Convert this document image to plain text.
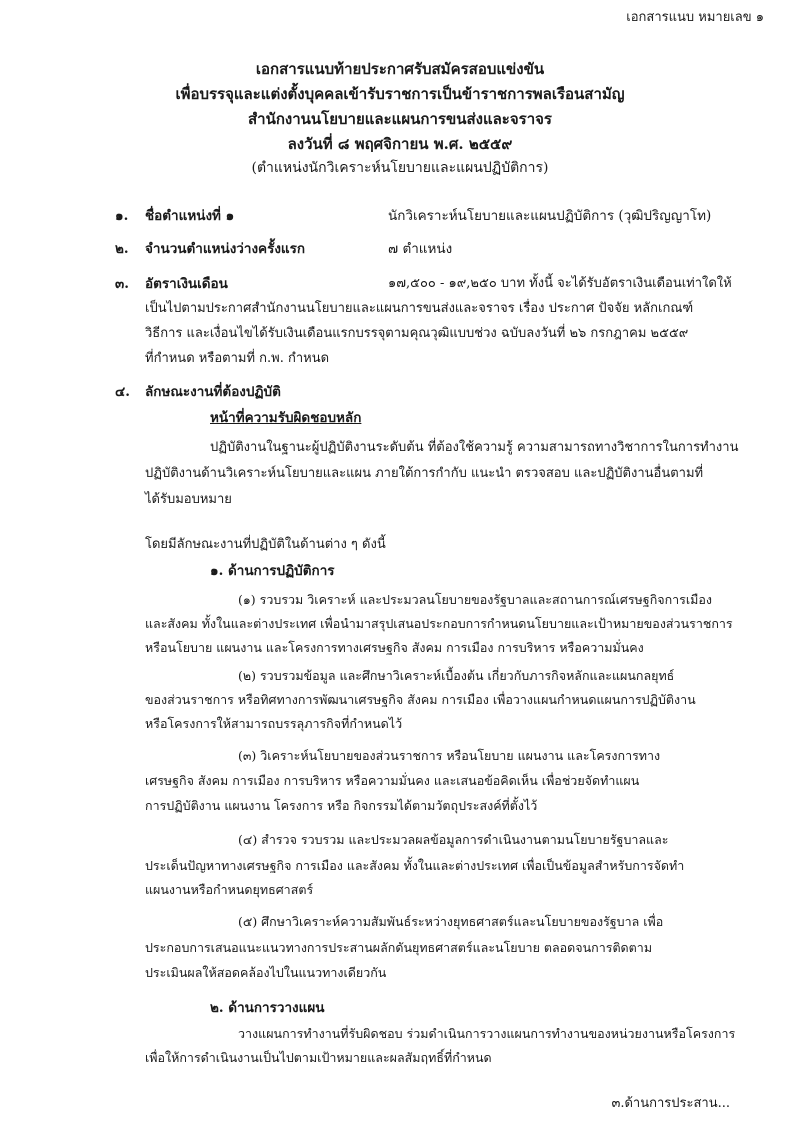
เอกสารแนบ หมายเลข ๑
เอกสารแนบท้ายประกาศรับสมัครสอบแข่งขัน
เพื่อบรรจุและแต่งตั้งบุคคลเข้ารับราชการเป็นข้าราชการพลเรือนสามัญ
สำนักงานนโยบายและแผนการขนส่งและจราจร
ลงวันที่ ๘ พฤศจิกายน พ.ศ. ๒๕๕๙
(ตำแหน่งนักวิเคราะห์นโยบายและแผนปฏิบัติการ)
๑. ชื่อตำแหน่งที่ ๑	นักวิเคราะห์นโยบายและแผนปฏิบัติการ (วุฒิปริญญาโท)
๒. จำนวนตำแหน่งว่างครั้งแรก	๗ ตำแหน่ง
๓. อัตราเงินเดือน	๑๗,๕๐๐ - ๑๙,๒๕๐ บาท ทั้งนี้ จะได้รับอัตราเงินเดือนเท่าใดให้
เป็นไปตามประกาศสำนักงานนโยบายและแผนการขนส่งและจราจร เรื่อง ประกาศ ปัจจัย หลักเกณฑ์
วิธีการ และเงื่อนไขได้รับเงินเดือนแรกบรรจุตามคุณวุฒิแบบช่วง ฉบับลงวันที่ ๒๖ กรกฎาคม ๒๕๕๙
ที่กำหนด หรือตามที่ ก.พ. กำหนด
๔. ลักษณะงานที่ต้องปฏิบัติ
หน้าที่ความรับผิดชอบหลัก
ปฏิบัติงานในฐานะผู้ปฏิบัติงานระดับต้น ที่ต้องใช้ความรู้ ความสามารถทางวิชาการในการทำงาน
ปฏิบัติงานด้านวิเคราะห์นโยบายและแผน ภายใต้การกำกับ แนะนำ ตรวจสอบ และปฏิบัติงานอื่นตามที่
ได้รับมอบหมาย
โดยมีลักษณะงานที่ปฏิบัติในด้านต่าง ๆ ดังนี้
๑. ด้านการปฏิบัติการ
(๑) รวบรวม วิเคราะห์ และประมวลนโยบายของรัฐบาลและสถานการณ์เศรษฐกิจการเมือง
และสังคม ทั้งในและต่างประเทศ เพื่อนำมาสรุปเสนอประกอบการกำหนดนโยบายและเป้าหมายของส่วนราชการ
หรือนโยบาย แผนงาน และโครงการทางเศรษฐกิจ สังคม การเมือง การบริหาร หรือความมั่นคง
(๒) รวบรวมข้อมูล และศึกษาวิเคราะห์เบื้องต้น เกี่ยวกับภารกิจหลักและแผนกลยุทธ์
ของส่วนราชการ หรือทิศทางการพัฒนาเศรษฐกิจ สังคม การเมือง เพื่อวางแผนกำหนดแผนการปฏิบัติงาน
หรือโครงการให้สามารถบรรลุภารกิจที่กำหนดไว้
(๓) วิเคราะห์นโยบายของส่วนราชการ หรือนโยบาย แผนงาน และโครงการทาง
เศรษฐกิจ สังคม การเมือง การบริหาร หรือความมั่นคง และเสนอข้อคิดเห็น เพื่อช่วยจัดทำแผน
การปฏิบัติงาน แผนงาน โครงการ หรือ กิจกรรมได้ตามวัตถุประสงค์ที่ตั้งไว้
(๔) สำรวจ รวบรวม และประมวลผลข้อมูลการดำเนินงานตามนโยบายรัฐบาลและ
ประเด็นปัญหาทางเศรษฐกิจ การเมือง และสังคม ทั้งในและต่างประเทศ เพื่อเป็นข้อมูลสำหรับการจัดทำ
แผนงานหรือกำหนดยุทธศาสตร์
(๕) ศึกษาวิเคราะห์ความสัมพันธ์ระหว่างยุทธศาสตร์และนโยบายของรัฐบาล เพื่อ
ประกอบการเสนอแนะแนวทางการประสานผลักดันยุทธศาสตร์และนโยบาย ตลอดจนการติดตาม
ประเมินผลให้สอดคล้องไปในแนวทางเดียวกัน
๒. ด้านการวางแผน
วางแผนการทำงานที่รับผิดชอบ ร่วมดำเนินการวางแผนการทำงานของหน่วยงานหรือโครงการ
เพื่อให้การดำเนินงานเป็นไปตามเป้าหมายและผลสัมฤทธิ์ที่กำหนด
๓.ด้านการประสาน...
